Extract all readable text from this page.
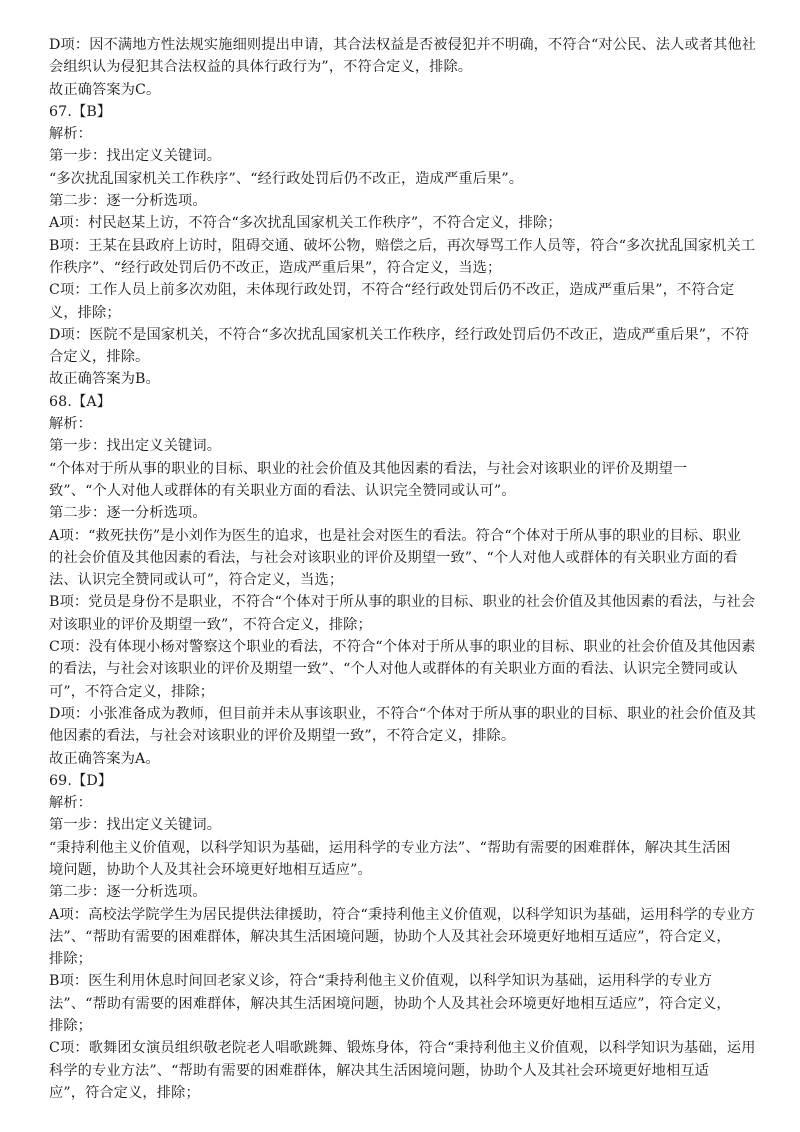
D项：因不满地方性法规实施细则提出申请，其合法权益是否被侵犯并不明确，不符合“对公民、法人或者其他社
会组织认为侵犯其合法权益的具体行政行为”，不符合定义，排除。
故正确答案为C。
67.【B】
解析：
第一步：找出定义关键词。
“多次扰乱国家机关工作秩序”、“经行政处罚后仍不改正，造成严重后果”。
第二步：逐一分析选项。
A项：村民赵某上访，不符合“多次扰乱国家机关工作秩序”，不符合定义，排除；
B项：王某在县政府上访时，阻碍交通、破坏公物，赔偿之后，再次辱骂工作人员等，符合“多次扰乱国家机关工
作秩序”、“经行政处罚后仍不改正，造成严重后果”，符合定义，当选；
C项：工作人员上前多次劝阻，未体现行政处罚，不符合“经行政处罚后仍不改正，造成严重后果”，不符合定
义，排除；
D项：医院不是国家机关，不符合“多次扰乱国家机关工作秩序，经行政处罚后仍不改正，造成严重后果”，不符
合定义，排除。
故正确答案为B。
68.【A】
解析：
第一步：找出定义关键词。
“个体对于所从事的职业的目标、职业的社会价值及其他因素的看法，与社会对该职业的评价及期望一
致”、“个人对他人或群体的有关职业方面的看法、认识完全赞同或认可”。
第二步：逐一分析选项。
A项：“救死扶伤”是小刘作为医生的追求，也是社会对医生的看法。符合“个体对于所从事的职业的目标、职业
的社会价值及其他因素的看法，与社会对该职业的评价及期望一致”、“个人对他人或群体的有关职业方面的看
法、认识完全赞同或认可”，符合定义，当选；
B项：党员是身份不是职业，不符合“个体对于所从事的职业的目标、职业的社会价值及其他因素的看法，与社会
对该职业的评价及期望一致”，不符合定义，排除；
C项：没有体现小杨对警察这个职业的看法，不符合“个体对于所从事的职业的目标、职业的社会价值及其他因素
的看法，与社会对该职业的评价及期望一致”、“个人对他人或群体的有关职业方面的看法、认识完全赞同或认
可”，不符合定义，排除；
D项：小张准备成为教师，但目前并未从事该职业，不符合“个体对于所从事的职业的目标、职业的社会价值及其
他因素的看法，与社会对该职业的评价及期望一致”，不符合定义，排除。
故正确答案为A。
69.【D】
解析：
第一步：找出定义关键词。
“秉持利他主义价值观，以科学知识为基础，运用科学的专业方法”、“帮助有需要的困难群体，解决其生活困
境问题，协助个人及其社会环境更好地相互适应”。
第二步：逐一分析选项。
A项：高校法学院学生为居民提供法律援助，符合“秉持利他主义价值观，以科学知识为基础，运用科学的专业方
法”、“帮助有需要的困难群体，解决其生活困境问题，协助个人及其社会环境更好地相互适应”，符合定义，
排除；
B项：医生利用休息时间回老家义诊，符合“秉持利他主义价值观，以科学知识为基础，运用科学的专业方
法”、“帮助有需要的困难群体，解决其生活困境问题，协助个人及其社会环境更好地相互适应”，符合定义，
排除；
C项：歌舞团女演员组织敬老院老人唱歌跳舞、锻炼身体，符合“秉持利他主义价值观，以科学知识为基础，运用
科学的专业方法”、“帮助有需要的困难群体，解决其生活困境问题，协助个人及其社会环境更好地相互适
应”，符合定义，排除；
